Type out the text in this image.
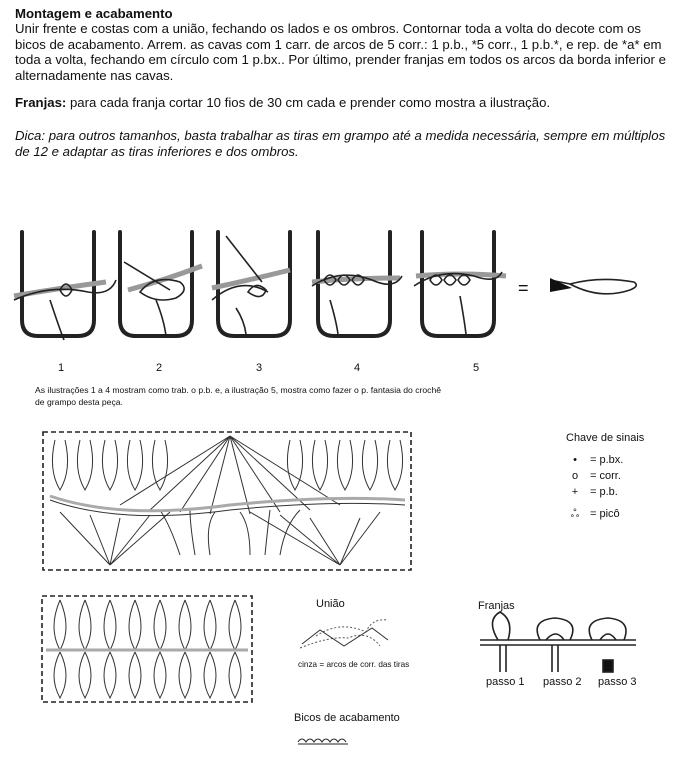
Montagem e acabamento
Unir frente e costas com a união, fechando os lados e os ombros. Contornar toda a volta do decote com os bicos de acabamento. Arrem. as cavas com 1 carr. de arcos de 5 corr.: 1 p.b., *5 corr., 1 p.b.*, e rep. de *a* em toda a volta, fechando em círculo com 1 p.bx.. Por último, prender franjas em todos os arcos da borda inferior e alternadamente nas cavas.
Franjas: para cada franja cortar 10 fios de 30 cm cada e prender como mostra a ilustração.
Dica: para outros tamanhos, basta trabalhar as tiras em grampo até a medida necessária, sempre em múltiplos de 12 e adaptar as tiras inferiores e dos ombros.
1	2	3	4	5
=
As ilustrações 1 a 4 mostram como trab. o p.b. e, a ilustração 5, mostra como fazer o p. fantasia do crochê
de grampo desta peça.
Chave de sinais
•	= p.bx.
o	= corr.
+	= p.b.
ஃ = picô
União
cinza = arcos de corr. das tiras
Franjas
passo 1 passo 2 passo 3
Bicos de acabamento
